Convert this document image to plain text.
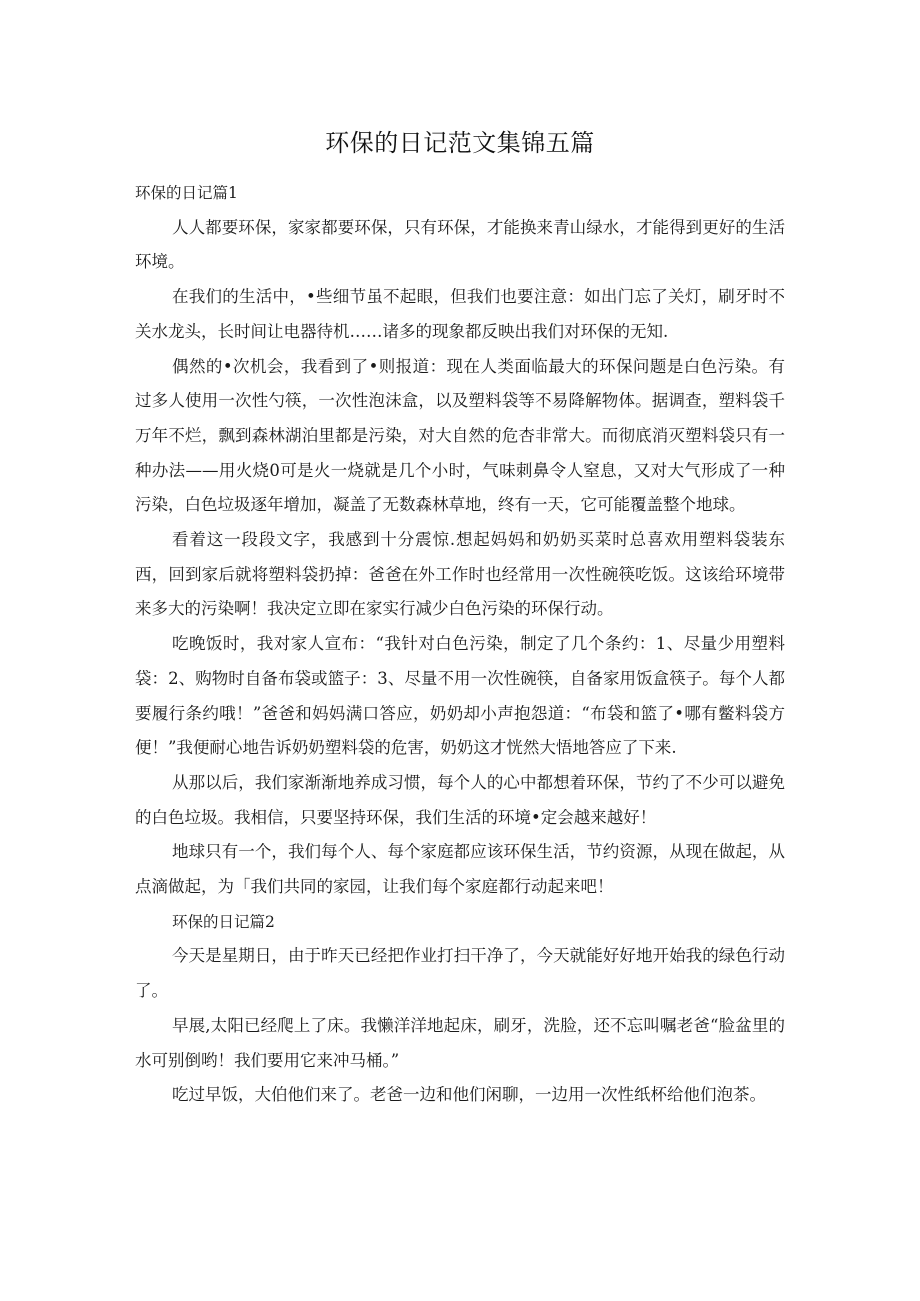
环保的日记范文集锦五篇

环保的日记篇1

人人都要环保，家家都要环保，只有环保，才能换来青山绿水，才能得到更好的生活环境。

在我们的生活中，•些细节虽不起眼，但我们也要注意：如出门忘了关灯，刷牙时不关水龙头，长时间让电器待机……诸多的现象都反映出我们对环保的无知.

偶然的•次机会，我看到了•则报道：现在人类面临最大的环保问题是白色污染。有过多人使用一次性勺筷，一次性泡沫盒，以及塑料袋等不易降解物体。据调查，塑料袋千万年不烂，飘到森林湖泊里都是污染，对大自然的危杏非常大。而彻底消灭塑料袋只有一种办法——用火烧0可是火一烧就是几个小时，气味刺鼻令人窒息，又对大气形成了一种污染，白色垃圾逐年增加，凝盖了无数森林草地，终有一天，它可能覆盖整个地球。

看着这一段段文字，我感到十分震惊.想起妈妈和奶奶买菜时总喜欢用塑料袋装东西，回到家后就将塑料袋扔掉：爸爸在外工作时也经常用一次性碗筷吃饭。这该给环境带来多大的污染啊！我决定立即在家实行减少白色污染的环保行动。

吃晚饭时，我对家人宣布：“我针对白色污染，制定了几个条约：1、尽量少用塑料袋：2、购物时自备布袋或篮子：3、尽量不用一次性碗筷，自备家用饭盒筷子。每个人都要履行条约哦！”爸爸和妈妈满口答应，奶奶却小声抱怨道：“布袋和篮了•哪有鳖料袋方便！”我便耐心地告诉奶奶塑料袋的危害，奶奶这才恍然大悟地答应了下来.

从那以后，我们家渐渐地养成习惯，每个人的心中都想着环保，节约了不少可以避免的白色垃圾。我相信，只要坚持环保，我们生活的环境•定会越来越好！

地球只有一个，我们每个人、每个家庭都应该环保生活，节约资源，从现在做起，从点滴做起，为「我们共同的家园，让我们每个家庭都行动起来吧！

环保的日记篇2

今天是星期日，由于昨天已经把作业打扫干净了，今天就能好好地开始我的绿色行动了。

早展,太阳已经爬上了床。我懒洋洋地起床，刷牙，洗脸，还不忘叫嘱老爸“脸盆里的水可别倒哟！我们要用它来冲马桶。”

吃过早饭，大伯他们来了。老爸一边和他们闲聊，一边用一次性纸杯给他们泡茶。
